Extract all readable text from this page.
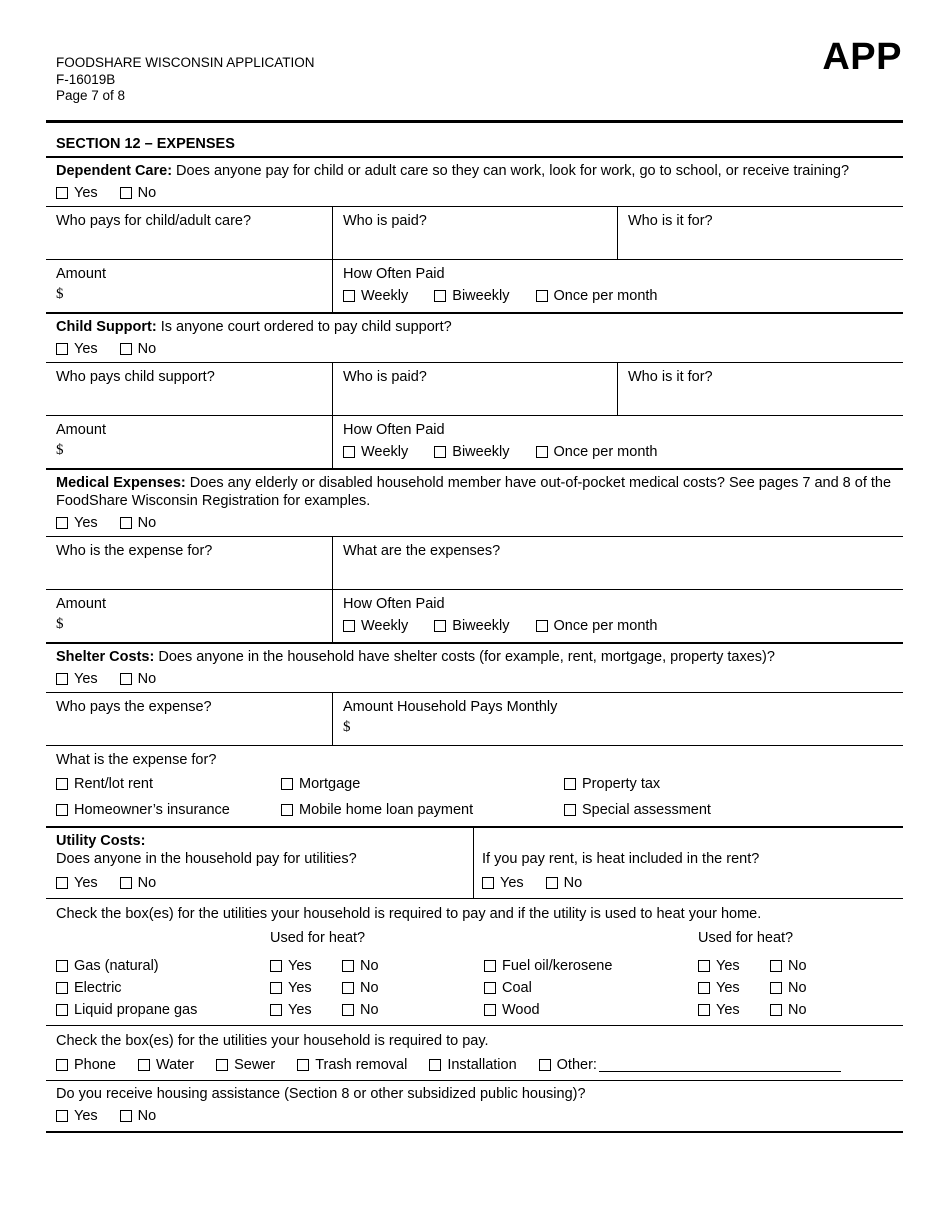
FOODSHARE WISCONSIN APPLICATION
F-16019B
Page 7 of 8
APP
SECTION 12 – EXPENSES
Dependent Care: Does anyone pay for child or adult care so they can work, look for work, go to school, or receive training?
Yes	No
Who pays for child/adult care?	Who is paid?	Who is it for?
Amount
$
How Often Paid
Weekly	Biweekly	Once per month
Child Support: Is anyone court ordered to pay child support?
Yes	No
Who pays child support?	Who is paid?	Who is it for?
Amount
$
How Often Paid
Weekly	Biweekly	Once per month
Medical Expenses: Does any elderly or disabled household member have out-of-pocket medical costs? See pages 7 and 8 of the FoodShare Wisconsin Registration for examples.
Yes	No
Who is the expense for?	What are the expenses?
Amount
$
How Often Paid
Weekly	Biweekly	Once per month
Shelter Costs: Does anyone in the household have shelter costs (for example, rent, mortgage, property taxes)?
Yes	No
Who pays the expense?	Amount Household Pays Monthly
$
What is the expense for?
Rent/lot rent	Mortgage	Property tax
Homeowner’s insurance	Mobile home loan payment	Special assessment
Utility Costs:
Does anyone in the household pay for utilities?
Yes	No
If you pay rent, is heat included in the rent?
Yes	No
Check the box(es) for the utilities your household is required to pay and if the utility is used to heat your home.
Used for heat?	Used for heat?
Gas (natural)	Yes	No	Fuel oil/kerosene	Yes	No
Electric	Yes	No	Coal	Yes	No
Liquid propane gas	Yes	No	Wood	Yes	No
Check the box(es) for the utilities your household is required to pay.
Phone	Water	Sewer	Trash removal	Installation	Other:
Do you receive housing assistance (Section 8 or other subsidized public housing)?
Yes	No
